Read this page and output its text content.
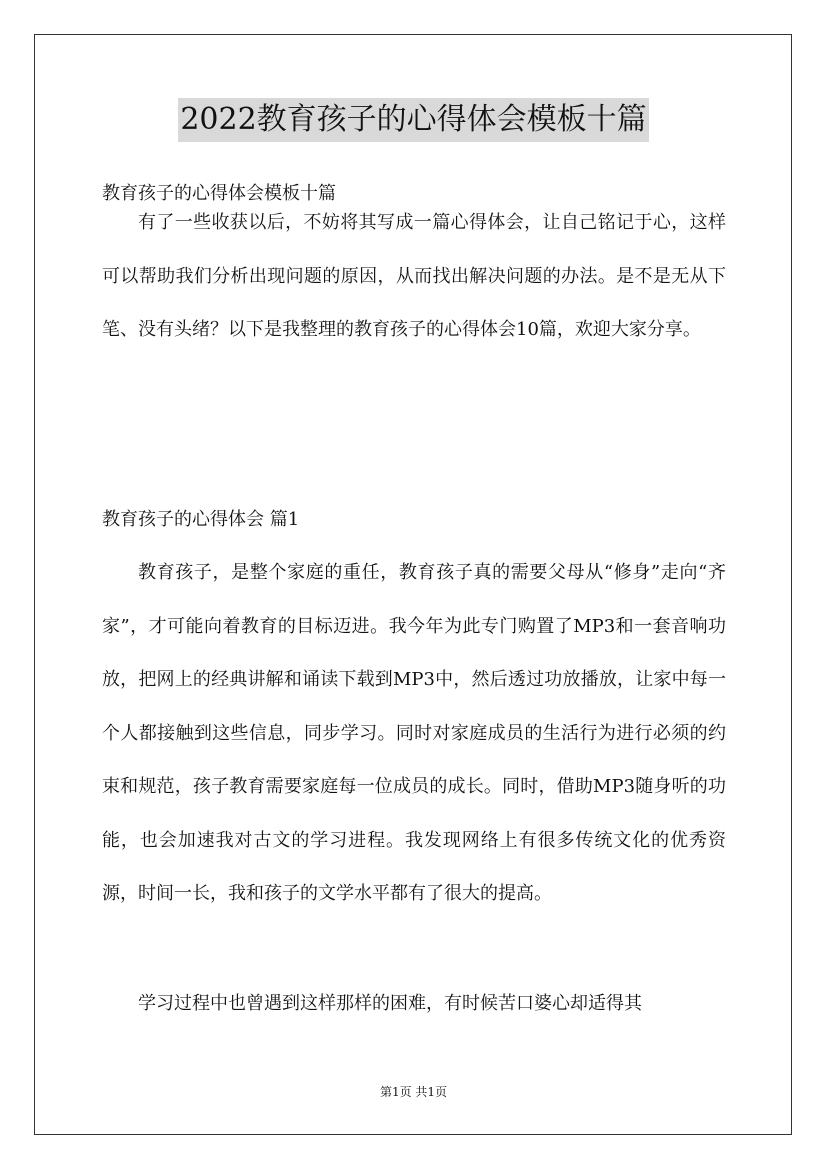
2022教育孩子的心得体会模板十篇
教育孩子的心得体会模板十篇

有了一些收获以后，不妨将其写成一篇心得体会，让自己铭记于心，这样可以帮助我们分析出现问题的原因，从而找出解决问题的办法。是不是无从下笔、没有头绪？以下是我整理的教育孩子的心得体会10篇，欢迎大家分享。

教育孩子的心得体会 篇1

教育孩子，是整个家庭的重任，教育孩子真的需要父母从“修身”走向“齐家”，才可能向着教育的目标迈进。我今年为此专门购置了MP3和一套音响功放，把网上的经典讲解和诵读下载到MP3中，然后透过功放播放，让家中每一个人都接触到这些信息，同步学习。同时对家庭成员的生活行为进行必须的约束和规范，孩子教育需要家庭每一位成员的成长。同时，借助MP3随身听的功能，也会加速我对古文的学习进程。我发现网络上有很多传统文化的优秀资源，时间一长，我和孩子的文学水平都有了很大的提高。

学习过程中也曾遇到这样那样的困难，有时候苦口婆心却适得其

第1页 共1页
